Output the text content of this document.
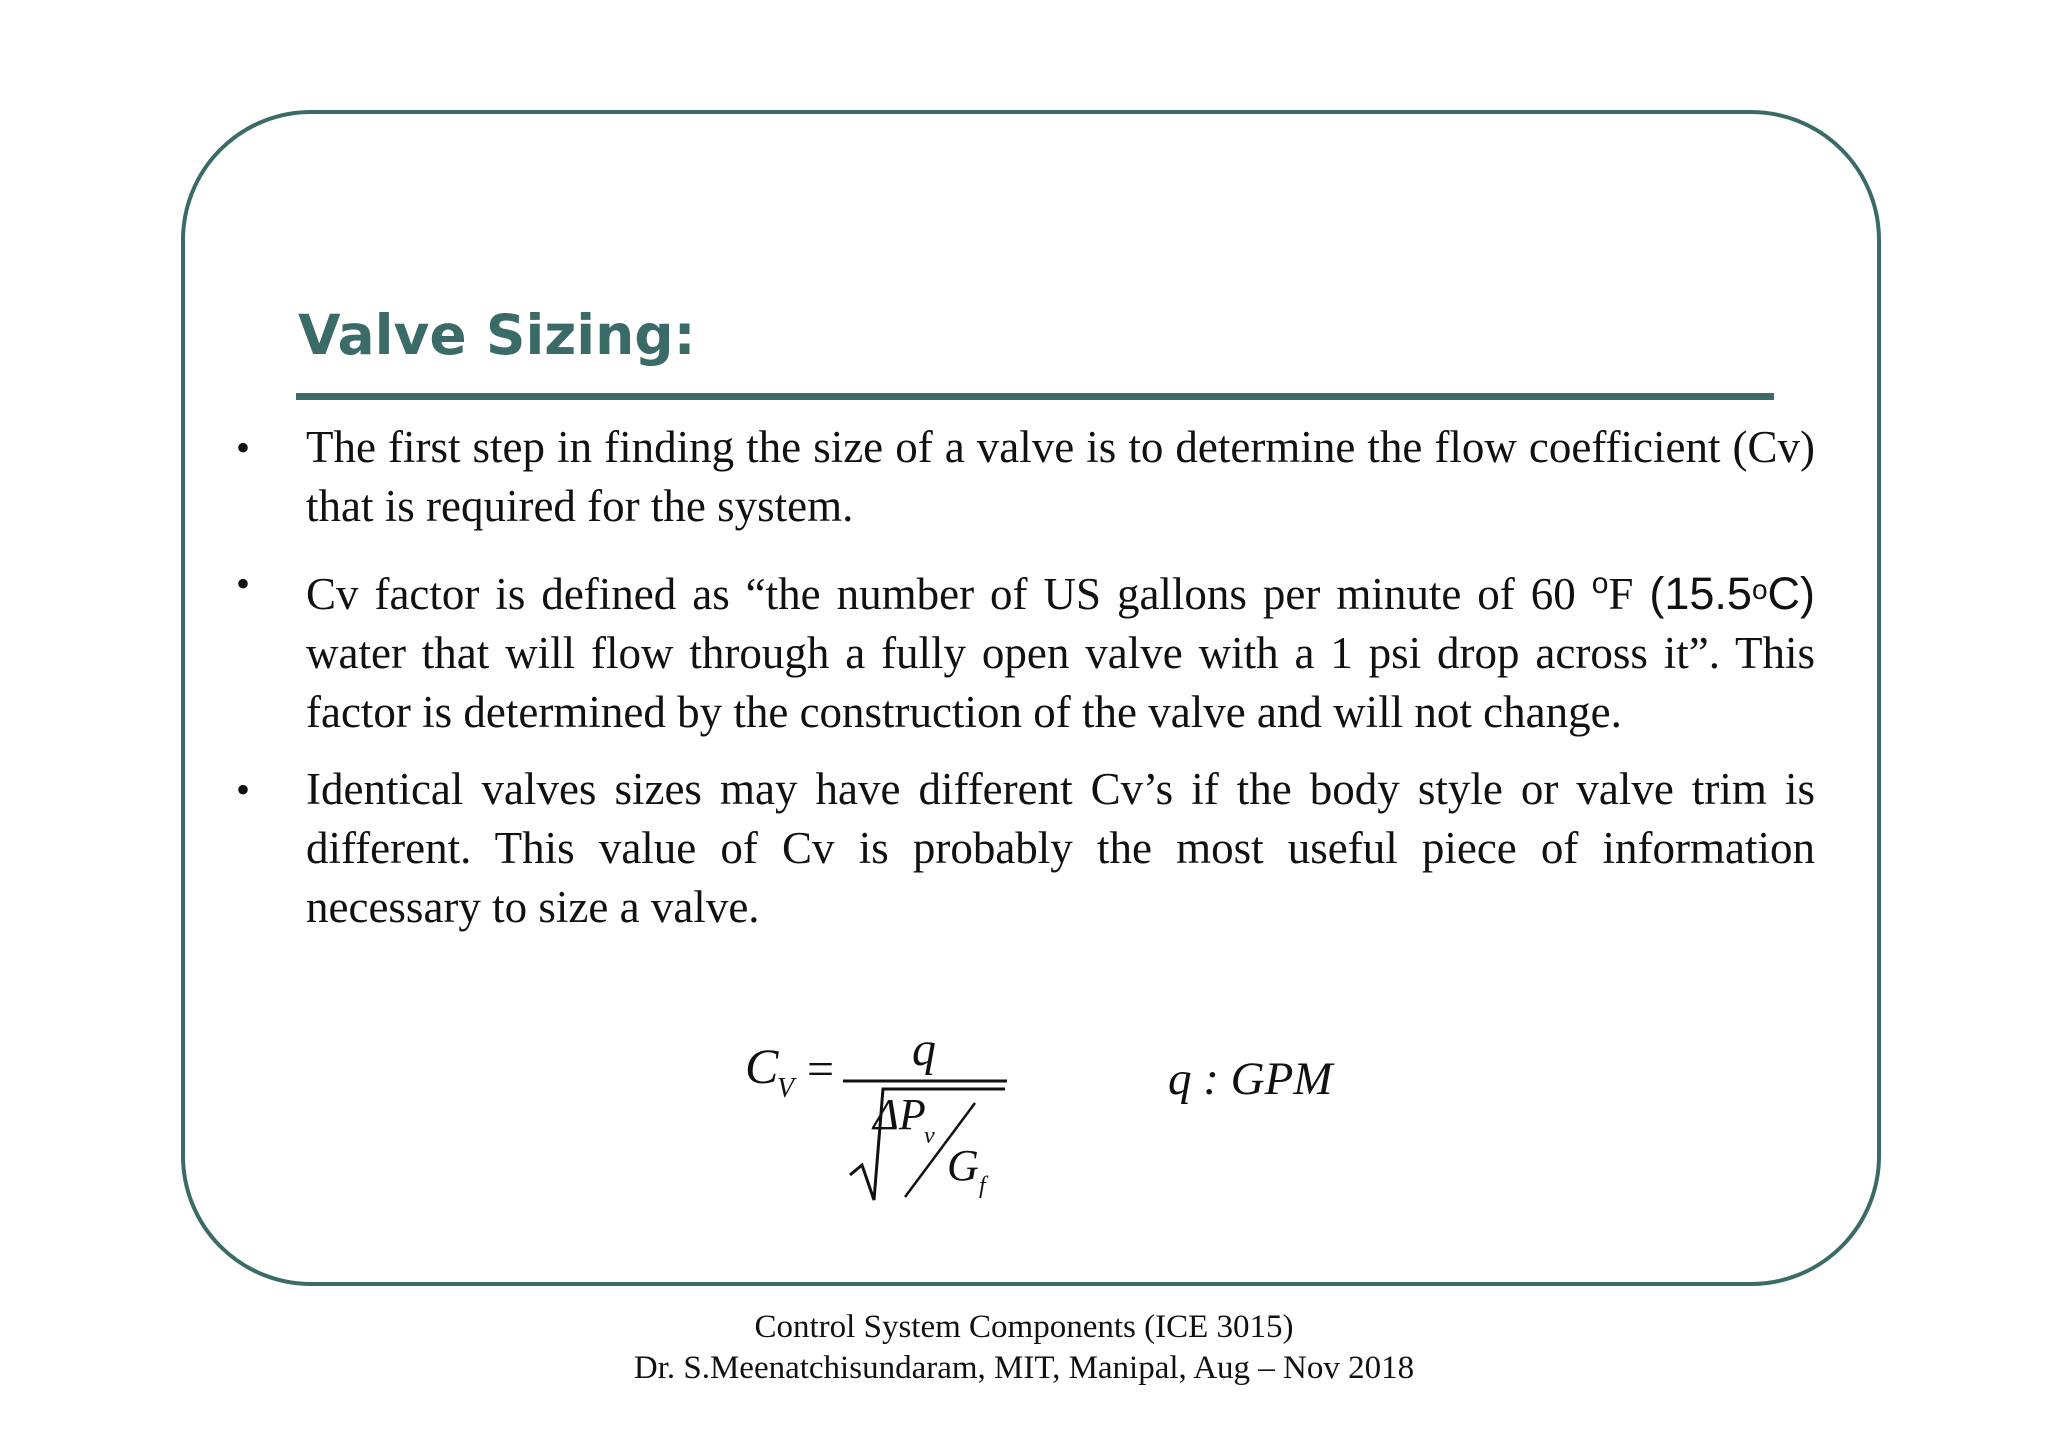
Valve Sizing:
• The first step in finding the size of a valve is to determine the flow coefficient (Cv) that is required for the system.
• Cv factor is defined as “the number of US gallons per minute of 60 $^o$F (15.5$^o$C) water that will flow through a fully open valve with a 1 psi drop across it”. This factor is determined by the construction of the valve and will not change.
• Identical valves sizes may have different Cv’s if the body style or valve trim is different. This value of Cv is probably the most useful piece of information necessary to size a valve.
C
V = q
ΔP
v
G f
q : GPM
Control System Components (ICE 3015)
Dr. S.Meenatchisundaram, MIT, Manipal, Aug – Nov 2018
